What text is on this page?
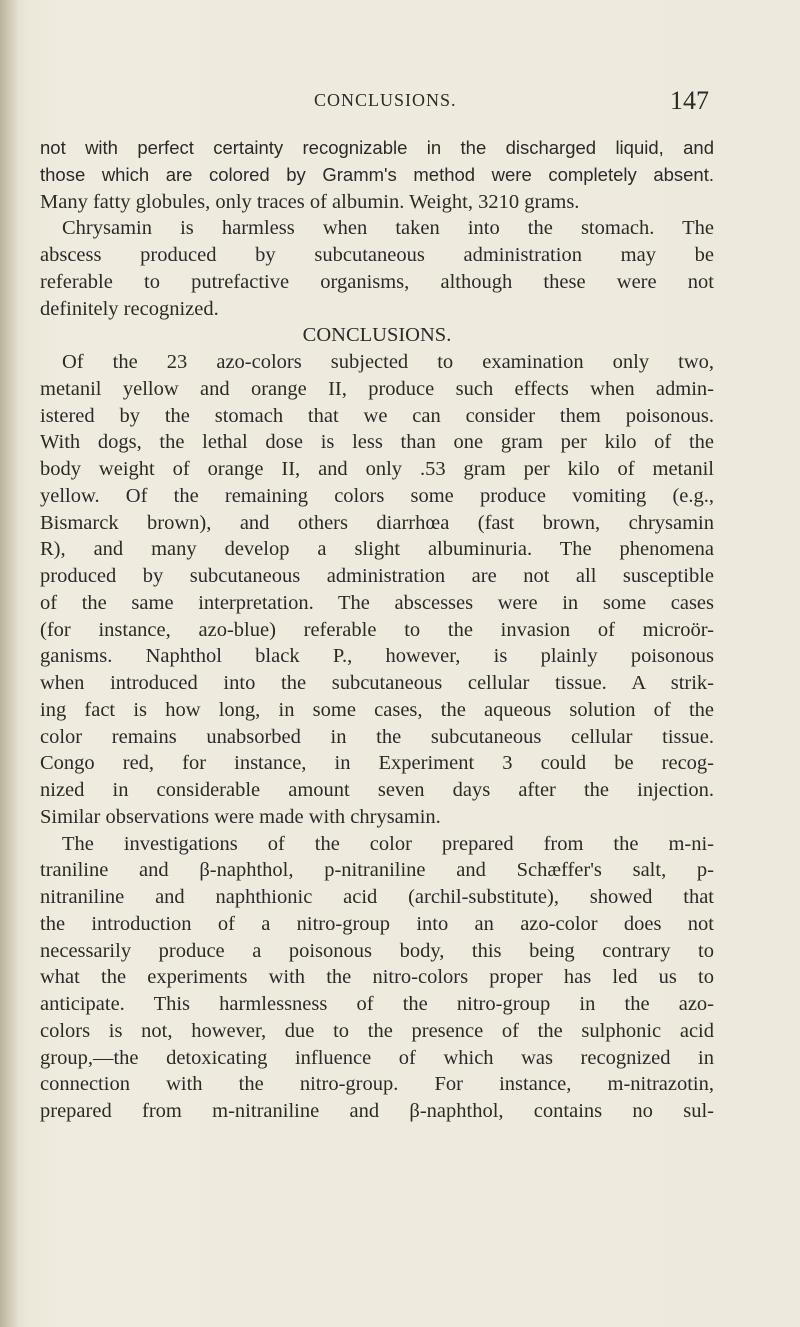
CONCLUSIONS.	147
not with perfect certainty recognizable in the discharged liquid, and
those which are colored by Gramm's method were completely absent.
Many fatty globules, only traces of albumin. Weight, 3210 grams.
Chrysamin is harmless when taken into the stomach. The
abscess produced by subcutaneous administration may be
referable to putrefactive organisms, although these were not
definitely recognized.
CONCLUSIONS.
Of the 23 azo-colors subjected to examination only two,
metanil yellow and orange II, produce such effects when admin-
istered by the stomach that we can consider them poisonous.
With dogs, the lethal dose is less than one gram per kilo of the
body weight of orange II, and only .53 gram per kilo of metanil
yellow. Of the remaining colors some produce vomiting (e.g.,
Bismarck brown), and others diarrhœa (fast brown, chrysamin
R), and many develop a slight albuminuria. The phenomena
produced by subcutaneous administration are not all susceptible
of the same interpretation. The abscesses were in some cases
(for instance, azo-blue) referable to the invasion of microör-
ganisms. Naphthol black P., however, is plainly poisonous
when introduced into the subcutaneous cellular tissue. A strik-
ing fact is how long, in some cases, the aqueous solution of the
color remains unabsorbed in the subcutaneous cellular tissue.
Congo red, for instance, in Experiment 3 could be recog-
nized in considerable amount seven days after the injection.
Similar observations were made with chrysamin.
The investigations of the color prepared from the m-ni-
traniline and β-naphthol, p-nitraniline and Schæffer's salt, p-
nitraniline and naphthionic acid (archil-substitute), showed that
the introduction of a nitro-group into an azo-color does not
necessarily produce a poisonous body, this being contrary to
what the experiments with the nitro-colors proper has led us to
anticipate. This harmlessness of the nitro-group in the azo-
colors is not, however, due to the presence of the sulphonic acid
group,—the detoxicating influence of which was recognized in
connection with the nitro-group. For instance, m-nitrazotin,
prepared from m-nitraniline and β-naphthol, contains no sul-
